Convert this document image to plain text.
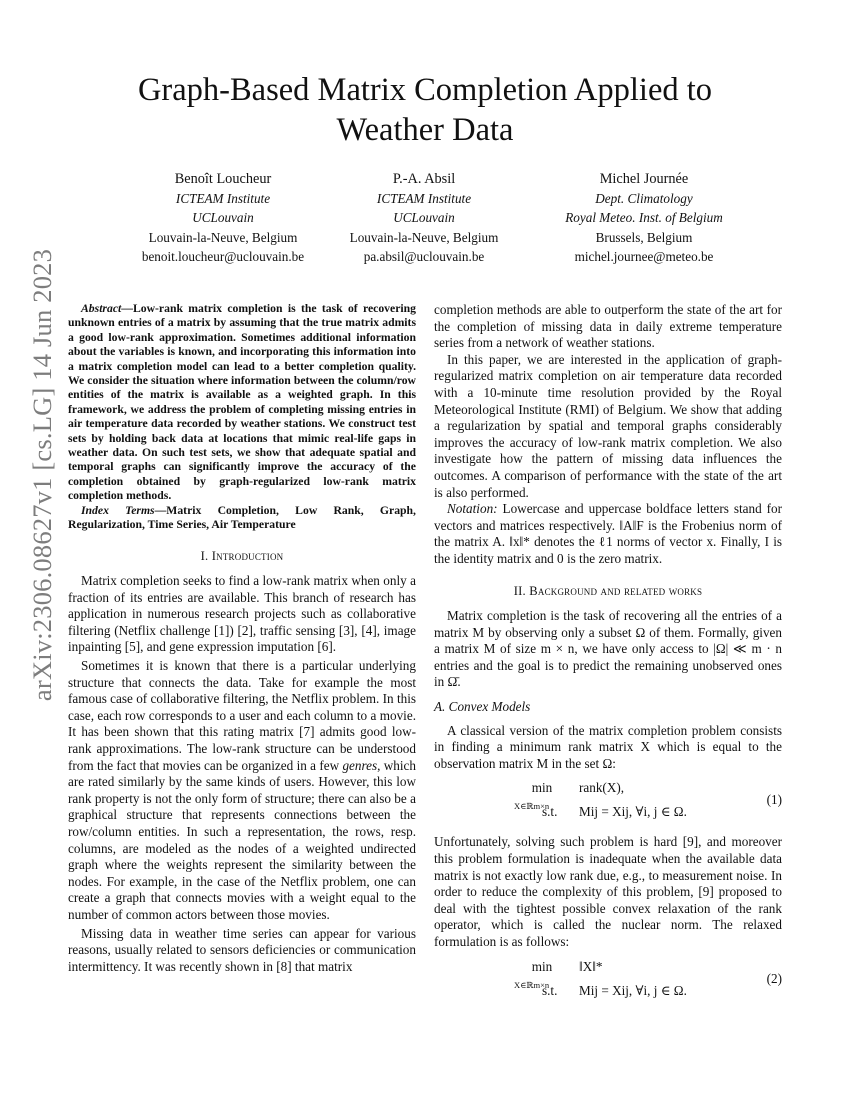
arXiv:2306.08627v1 [cs.LG] 14 Jun 2023
Graph-Based Matrix Completion Applied to
Weather Data
Benoît Loucheur
ICTEAM Institute
UCLouvain
Louvain-la-Neuve, Belgium
benoit.loucheur@uclouvain.be
P.-A. Absil
ICTEAM Institute
UCLouvain
Louvain-la-Neuve, Belgium
pa.absil@uclouvain.be
Michel Journée
Dept. Climatology
Royal Meteo. Inst. of Belgium
Brussels, Belgium
michel.journee@meteo.be

Abstract—Low-rank matrix completion is the task of recovering unknown entries of a matrix by assuming that the true matrix admits a good low-rank approximation. Sometimes additional information about the variables is known, and incorporating this information into a matrix completion model can lead to a better completion quality. We consider the situation where information between the column/row entities of the matrix is available as a weighted graph. In this framework, we address the problem of completing missing entries in air temperature data recorded by weather stations. We construct test sets by holding back data at locations that mimic real-life gaps in weather data. On such test sets, we show that adequate spatial and temporal graphs can significantly improve the accuracy of the completion obtained by graph-regularized low-rank matrix completion methods.

Index Terms—Matrix Completion, Low Rank, Graph, Regularization, Time Series, Air Temperature

I. Introduction

Matrix completion seeks to find a low-rank matrix when only a fraction of its entries are available. This branch of research has application in numerous research projects such as collaborative filtering (Netflix challenge [1]) [2], traffic sensing [3], [4], image inpainting [5], and gene expression imputation [6].

Sometimes it is known that there is a particular underlying structure that connects the data. Take for example the most famous case of collaborative filtering, the Netflix problem. In this case, each row corresponds to a user and each column to a movie. It has been shown that this rating matrix [7] admits good low-rank approximations. The low-rank structure can be understood from the fact that movies can be organized in a few genres, which are rated similarly by the same kinds of users. However, this low rank property is not the only form of structure; there can also be a graphical structure that represents connections between the row/column entities. In such a representation, the rows, resp. columns, are modeled as the nodes of a weighted undirected graph where the weights represent the similarity between the nodes. For example, in the case of the Netflix problem, one can create a graph that connects movies with a weight equal to the number of common actors between those movies.

Missing data in weather time series can appear for various reasons, usually related to sensors deficiencies or communication intermittency. It was recently shown in [8] that matrix

completion methods are able to outperform the state of the art for the completion of missing data in daily extreme temperature series from a network of weather stations.

In this paper, we are interested in the application of graph-regularized matrix completion on air temperature data recorded with a 10-minute time resolution provided by the Royal Meteorological Institute (RMI) of Belgium. We show that adding a regularization by spatial and temporal graphs considerably improves the accuracy of low-rank matrix completion. We also investigate how the pattern of missing data influences the outcomes. A comparison of performance with the state of the art is also performed.

Notation: Lowercase and uppercase boldface letters stand for vectors and matrices respectively. ‖A‖F is the Frobenius norm of the matrix A. ‖x‖* denotes the ℓ1 norms of vector x. Finally, I is the identity matrix and 0 is the zero matrix.

II. Background and related works

Matrix completion is the task of recovering all the entries of a matrix M by observing only a subset Ω of them. Formally, given a matrix M of size m × n, we have only access to |Ω| ≪ m · n entries and the goal is to predict the remaining unobserved ones in Ω̄.

A. Convex Models

A classical version of the matrix completion problem consists in finding a minimum rank matrix X which is equal to the observation matrix M in the set Ω:

min
X∈ℝm×n
rank(X),
s.t. Mij = Xij, ∀i, j ∈ Ω.
(1)

Unfortunately, solving such problem is hard [9], and moreover this problem formulation is inadequate when the available data matrix is not exactly low rank due, e.g., to measurement noise. In order to reduce the complexity of this problem, [9] proposed to deal with the tightest possible convex relaxation of the rank operator, which is called the nuclear norm. The relaxed formulation is as follows:

min
X∈ℝm×n
‖X‖*
s.t. Mij = Xij, ∀i, j ∈ Ω.
(2)
